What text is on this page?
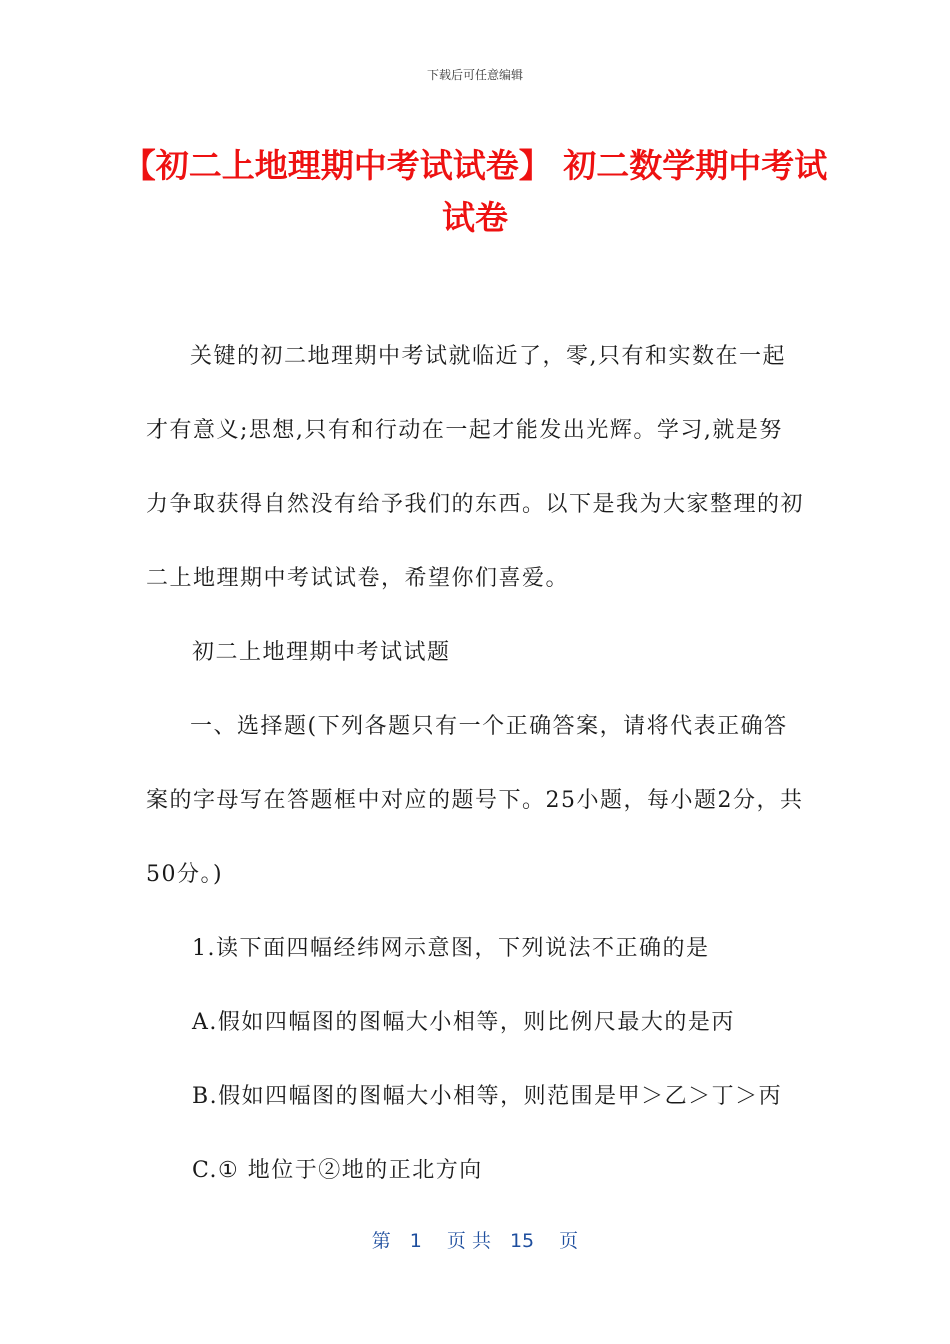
下载后可任意编辑
【初二上地理期中考试试卷】 初二数学期中考试试卷

关键的初二地理期中考试就临近了，零,只有和实数在一起才有意义;思想,只有和行动在一起才能发出光辉。学习,就是努力争取获得自然没有给予我们的东西。以下是我为大家整理的初二上地理期中考试试卷，希望你们喜爱。

初二上地理期中考试试题

一、选择题(下列各题只有一个正确答案，请将代表正确答案的字母写在答题框中对应的题号下。25小题，每小题2分，共50分。)

1.读下面四幅经纬网示意图，下列说法不正确的是

A.假如四幅图的图幅大小相等，则比例尺最大的是丙

B.假如四幅图的图幅大小相等，则范围是甲＞乙＞丁＞丙

C.① 地位于②地的正北方向

第　1　 页 共　15　 页
